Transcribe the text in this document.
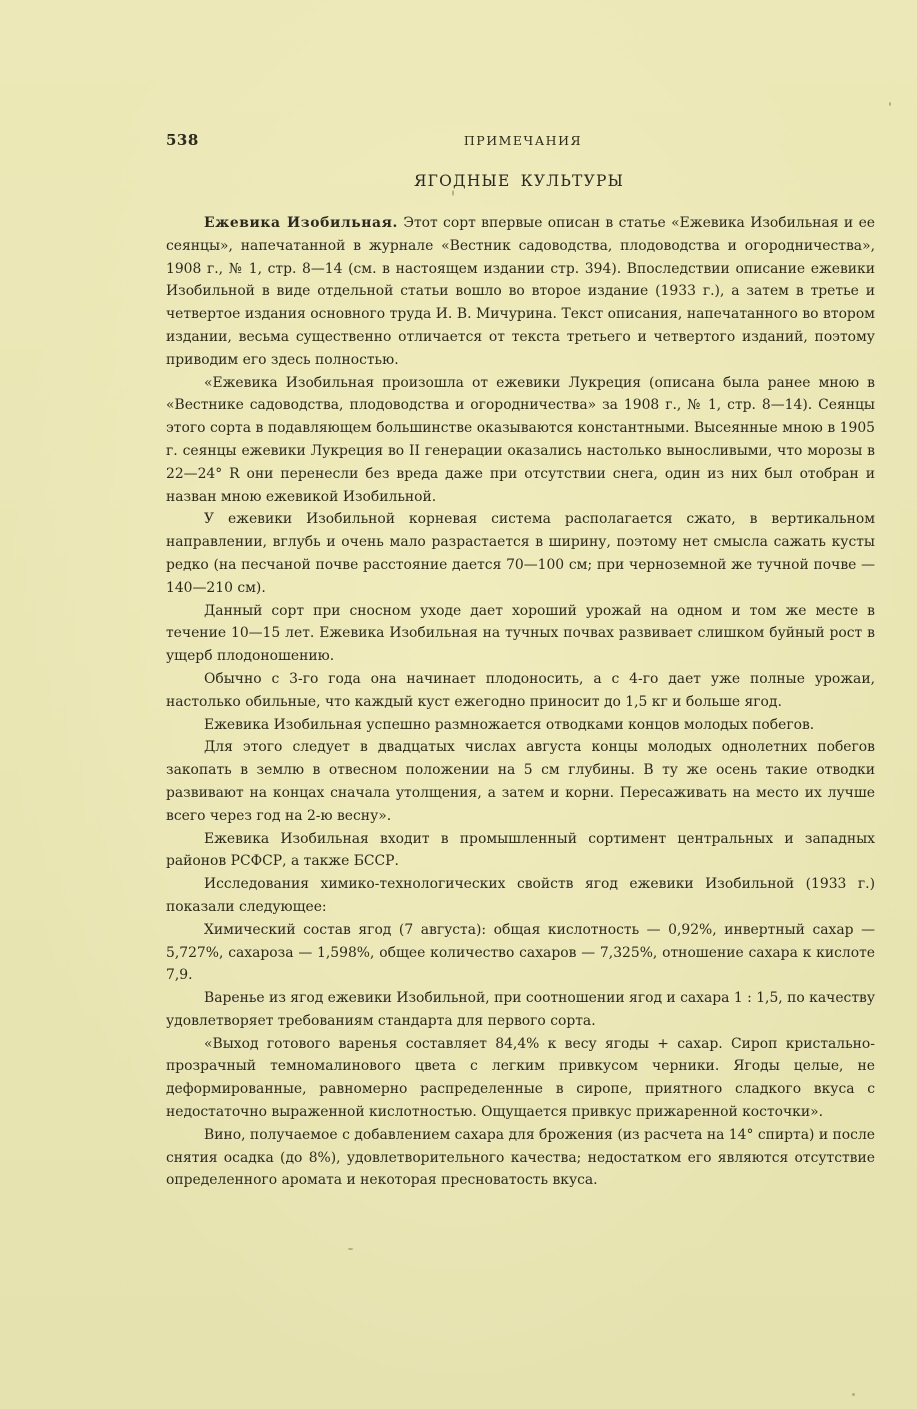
538	ПРИМЕЧАНИЯ
ЯГОДНЫЕ КУЛЬТУРЫ

Ежевика Изобильная. Этот сорт впервые описан в статье «Ежевика Изобильная и ее сеянцы», напечатанной в журнале «Вестник садоводства, плодоводства и огородничества», 1908 г., № 1, стр. 8—14 (см. в настоящем издании стр. 394). Впоследствии описание ежевики Изобильной в виде отдельной статьи вошло во второе издание (1933 г.), а затем в третье и четвертое издания основного труда И. В. Мичурина. Текст описания, напечатанного во втором издании, весьма существенно отличается от текста третьего и четвертого изданий, поэтому приводим его здесь полностью.

«Ежевика Изобильная произошла от ежевики Лукреция (описана была ранее мною в «Вестнике садоводства, плодоводства и огородничества» за 1908 г., № 1, стр. 8—14). Сеянцы этого сорта в подавляющем большинстве оказываются константными. Высеянные мною в 1905 г. сеянцы ежевики Лукреция во II генерации оказались настолько выносливыми, что морозы в 22—24° R они перенесли без вреда даже при отсутствии снега, один из них был отобран и назван мною ежевикой Изобильной.

У ежевики Изобильной корневая система располагается сжато, в вертикальном направлении, вглубь и очень мало разрастается в ширину, поэтому нет смысла сажать кусты редко (на песчаной почве расстояние дается 70—100 см; при черноземной же тучной почве — 140—210 см).

Данный сорт при сносном уходе дает хороший урожай на одном и том же месте в течение 10—15 лет. Ежевика Изобильная на тучных почвах развивает слишком буйный рост в ущерб плодоношению.

Обычно с 3-го года она начинает плодоносить, а с 4-го дает уже полные урожаи, настолько обильные, что каждый куст ежегодно приносит до 1,5 кг и больше ягод.

Ежевика Изобильная успешно размножается отводками концов молодых побегов.

Для этого следует в двадцатых числах августа концы молодых однолетних побегов закопать в землю в отвесном положении на 5 см глубины. В ту же осень такие отводки развивают на концах сначала утолщения, а затем и корни. Пересаживать на место их лучше всего через год на 2-ю весну».

Ежевика Изобильная входит в промышленный сортимент центральных и западных районов РСФСР, а также БССР.

Исследования химико-технологических свойств ягод ежевики Изобильной (1933 г.) показали следующее:

Химический состав ягод (7 августа): общая кислотность — 0,92%, инвертный сахар — 5,727%, сахароза — 1,598%, общее количество сахаров — 7,325%, отношение сахара к кислоте 7,9.

Варенье из ягод ежевики Изобильной, при соотношении ягод и сахара 1 : 1,5, по качеству удовлетворяет требованиям стандарта для первого сорта.

«Выход готового варенья составляет 84,4% к весу ягоды + сахар. Сироп кристально-прозрачный темномалинового цвета с легким привкусом черники. Ягоды целые, не деформированные, равномерно распределенные в сиропе, приятного сладкого вкуса с недостаточно выраженной кислотностью. Ощущается привкус прижаренной косточки».

Вино, получаемое с добавлением сахара для брожения (из расчета на 14° спирта) и после снятия осадка (до 8%), удовлетворительного качества; недостатком его являются отсутствие определенного аромата и некоторая пресноватость вкуса.
